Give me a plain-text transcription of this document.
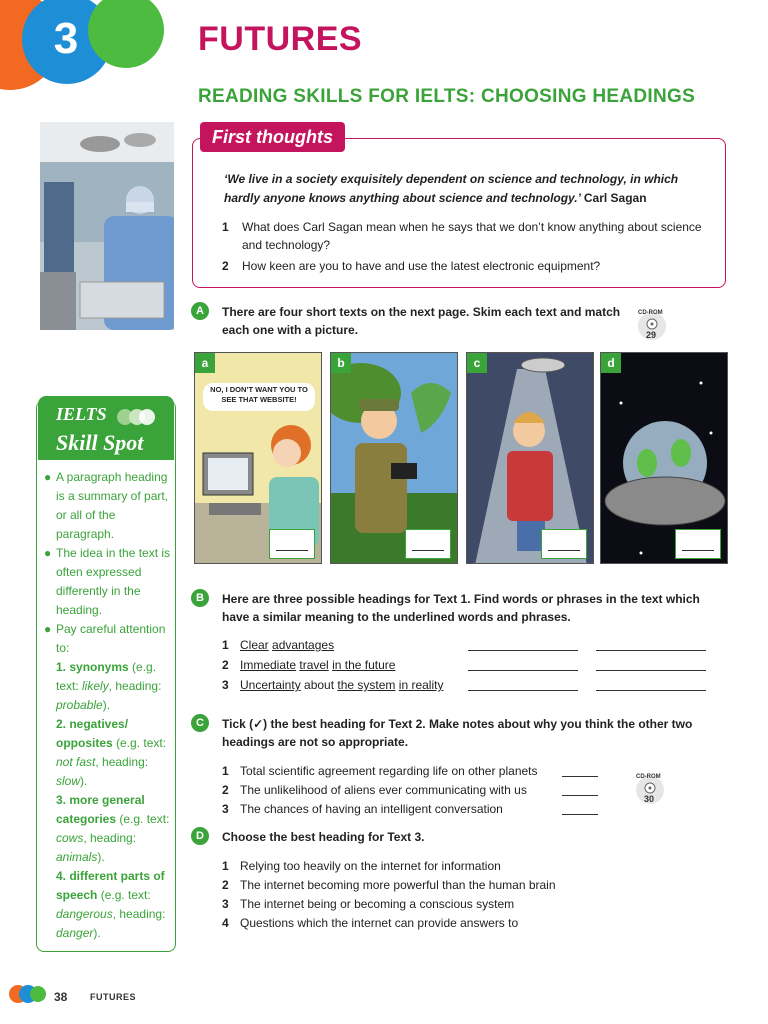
3	FUTURES
READING SKILLS FOR IELTS: CHOOSING HEADINGS
First thoughts
‘We live in a society exquisitely dependent on science and technology, in which hardly anyone knows anything about science and technology.’ Carl Sagan
1 What does Carl Sagan mean when he says that we don’t know anything about science and technology?
2 How keen are you to have and use the latest electronic equipment?
A	There are four short texts on the next page. Skim each text and match each one with a picture.
CD-ROM
29
a
NO, I DON’T WANT YOU TO SEE THAT WEBSITE!
b	c	d
IELTS
Skill Spot
● A paragraph heading is a summary of part, or all of the paragraph.
● The idea in the text is often expressed differently in the heading.
● Pay careful attention to:
1. synonyms (e.g. text: likely, heading: probable).
2. negatives/ opposites (e.g. text: not fast, heading: slow).
3. more general categories (e.g. text: cows, heading: animals).
4. different parts of speech (e.g. text: dangerous, heading: danger).
B	Here are three possible headings for Text 1. Find words or phrases in the text which have a similar meaning to the underlined words and phrases.
1 Clear advantages
2 Immediate travel in the future
3 Uncertainty about the system in reality
C	Tick (✓) the best heading for Text 2. Make notes about why you think the other two headings are not so appropriate.
1 Total scientific agreement regarding life on other planets
2 The unlikelihood of aliens ever communicating with us
3 The chances of having an intelligent conversation
CD-ROM
30
D	Choose the best heading for Text 3.
1 Relying too heavily on the internet for information
2 The internet becoming more powerful than the human brain
3 The internet being or becoming a conscious system
4 Questions which the internet can provide answers to
38	FUTURES
